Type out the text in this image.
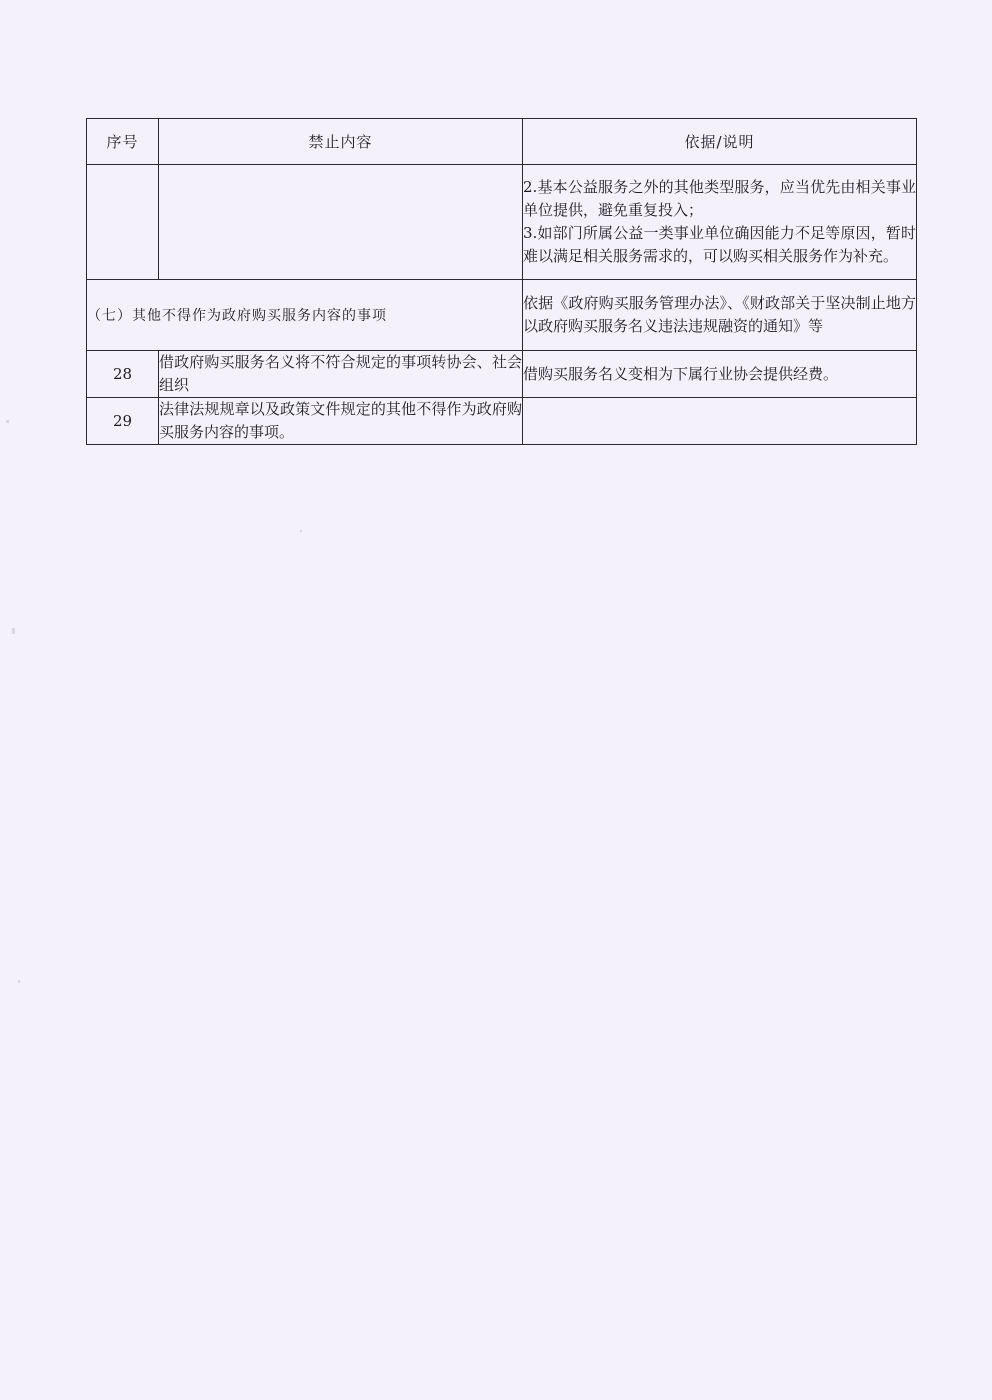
序号	禁止内容	依据/说明

		2.基本公益服务之外的其他类型服务，应当优先由相关事业单位提供，避免重复投入；
3.如部门所属公益一类事业单位确因能力不足等原因，暂时难以满足相关服务需求的，可以购买相关服务作为补充。

（七）其他不得作为政府购买服务内容的事项		依据《政府购买服务管理办法》、《财政部关于坚决制止地方以政府购买服务名义违法违规融资的通知》等
28	借政府购买服务名义将不符合规定的事项转协会、社会组织	借购买服务名义变相为下属行业协会提供经费。
29	法律法规规章以及政策文件规定的其他不得作为政府购买服务内容的事项。	
